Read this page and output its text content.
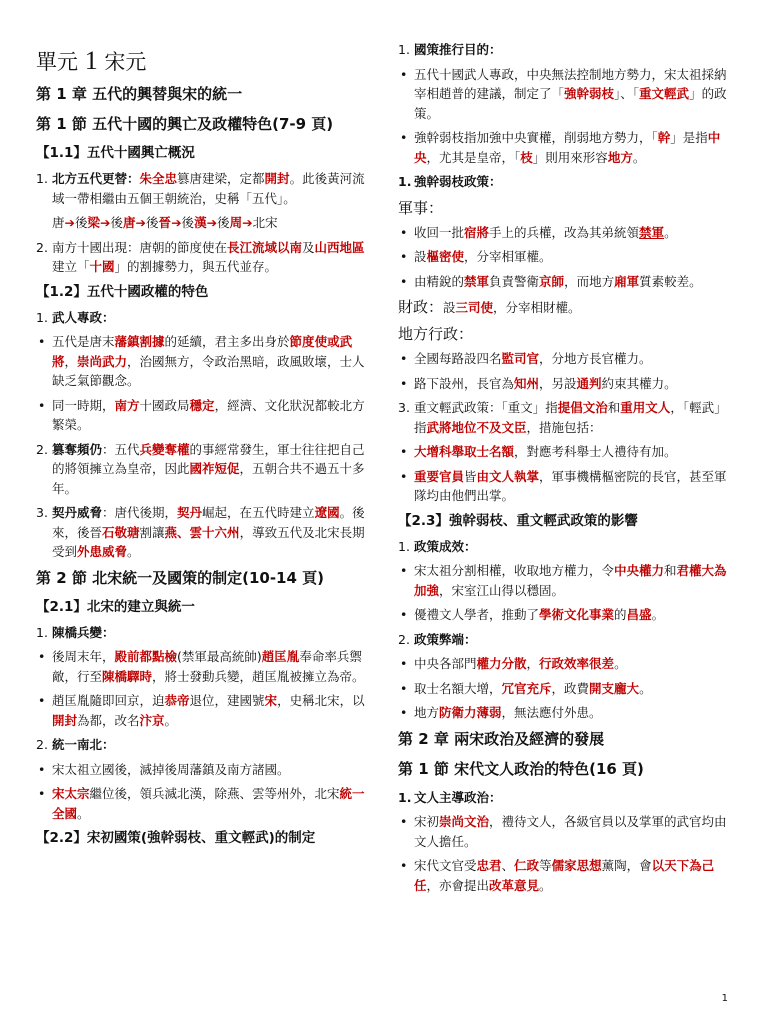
單元 1 宋元

第 1 章 五代的興替與宋的統一

第 1 節 五代十國的興亡及政權特色(7-9 頁)

【1.1】五代十國興亡概況

1. 北方五代更替：朱全忠篡唐建梁，定都開封。此後黃河流域一帶相繼由五個王朝統治，史稱「五代」。

唐➔後梁➔後唐➔後晉➔後漢➔後周➔北宋

2. 南方十國出現：唐朝的節度使在長江流域以南及山西地區建立「十國」的割據勢力，與五代並存。

【1.2】五代十國政權的特色

1. 武人專政：

• 五代是唐末藩鎮割據的延續，君主多出身於節度使或武將，崇尚武力，治國無方，令政治黑暗，政風敗壞，士人缺乏氣節觀念。

• 同一時期，南方十國政局穩定，經濟、文化狀況都較北方繁榮。

2. 篡奪頻仍：五代兵變奪權的事經常發生，軍士往往把自己的將領擁立為皇帝，因此國祚短促，五朝合共不過五十多年。

3. 契丹威脅：唐代後期，契丹崛起，在五代時建立遼國。後來，後晉石敬瑭割讓燕、雲十六州，導致五代及北宋長期受到外患威脅。

第 2 節 北宋統一及國策的制定(10-14 頁)

【2.1】北宋的建立與統一

1. 陳橋兵變：

• 後周末年，殿前都點檢(禁軍最高統帥)趙匡胤奉命率兵禦敵，行至陳橋驛時，將士發動兵變，趙匡胤被擁立為帝。

• 趙匡胤隨即回京，迫恭帝退位，建國號宋，史稱北宋，以開封為都，改名汴京。

2. 統一南北：

• 宋太祖立國後，滅掉後周藩鎮及南方諸國。

• 宋太宗繼位後，領兵滅北漢，除燕、雲等州外，北宋統一全國。

【2.2】宋初國策(強幹弱枝、重文輕武)的制定

1. 國策推行目的：

• 五代十國武人專政，中央無法控制地方勢力，宋太祖採納宰相趙普的建議，制定了「強幹弱枝」、「重文輕武」的政策。

• 強幹弱枝指加強中央實權，削弱地方勢力，「幹」是指中央，尤其是皇帝，「枝」則用來形容地方。

1. 強幹弱枝政策：

軍事：

• 收回一批宿將手上的兵權，改為其弟統領禁軍。

• 設樞密使，分宰相軍權。

• 由精銳的禁軍負責警衛京師，而地方廂軍質素較差。

財政：設三司使，分宰相財權。

地方行政：

• 全國每路設四名監司官，分地方長官權力。

• 路下設州，長官為知州，另設通判約束其權力。

3. 重文輕武政策：「重文」指提倡文治和重用文人，「輕武」指武將地位不及文臣，措施包括：

• 大增科舉取士名額，對應考科舉士人禮待有加。

• 重要官員皆由文人執掌，軍事機構樞密院的長官，甚至軍隊均由他們出掌。

【2.3】強幹弱枝、重文輕武政策的影響

1. 政策成效：

• 宋太祖分割相權，收取地方權力，令中央權力和君權大為加強，宋室江山得以穩固。

• 優禮文人學者，推動了學術文化事業的昌盛。

2. 政策弊端：

• 中央各部門權力分散，行政效率很差。

• 取士名額大增，冗官充斥，政費開支龐大。

• 地方防衛力薄弱，無法應付外患。

第 2 章 兩宋政治及經濟的發展

第 1 節 宋代文人政治的特色(16 頁)

1. 文人主導政治：

• 宋初崇尚文治，禮待文人，各級官員以及掌軍的武官均由文人擔任。

• 宋代文官受忠君、仁政等儒家思想薰陶，會以天下為己任，亦會提出改革意見。

1
